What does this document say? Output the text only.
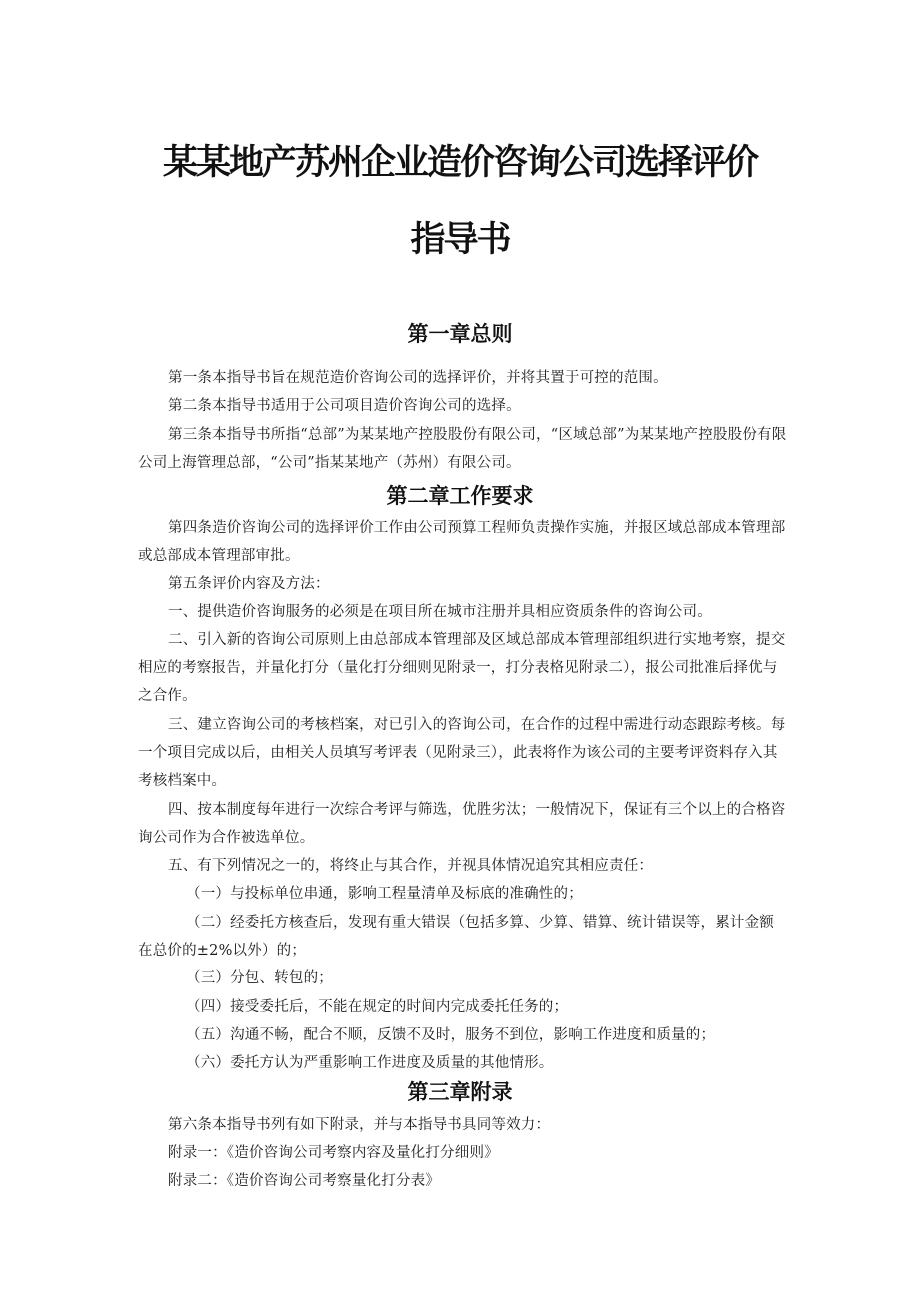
某某地产苏州企业造价咨询公司选择评价
指导书
第一章总则

第一条本指导书旨在规范造价咨询公司的选择评价，并将其置于可控的范围。

第二条本指导书适用于公司项目造价咨询公司的选择。

第三条本指导书所指“总部”为某某地产控股股份有限公司，“区域总部”为某某地产控股股份有限公司上海管理总部，“公司”指某某地产（苏州）有限公司。

第二章工作要求

第四条造价咨询公司的选择评价工作由公司预算工程师负责操作实施，并报区域总部成本管理部或总部成本管理部审批。

第五条评价内容及方法：

一、提供造价咨询服务的必须是在项目所在城市注册并具相应资质条件的咨询公司。

二、引入新的咨询公司原则上由总部成本管理部及区域总部成本管理部组织进行实地考察，提交相应的考察报告，并量化打分（量化打分细则见附录一，打分表格见附录二），报公司批准后择优与之合作。

三、建立咨询公司的考核档案，对已引入的咨询公司，在合作的过程中需进行动态跟踪考核。每一个项目完成以后，由相关人员填写考评表（见附录三），此表将作为该公司的主要考评资料存入其考核档案中。

四、按本制度每年进行一次综合考评与筛选，优胜劣汰；一般情况下，保证有三个以上的合格咨询公司作为合作被选单位。

五、有下列情况之一的，将终止与其合作，并视具体情况追究其相应责任：

（一）与投标单位串通，影响工程量清单及标底的准确性的；

（二）经委托方核查后，发现有重大错误（包括多算、少算、错算、统计错误等，累计金额在总价的±2%以外）的；

（三）分包、转包的；

（四）接受委托后，不能在规定的时间内完成委托任务的；

（五）沟通不畅，配合不顺，反馈不及时，服务不到位，影响工作进度和质量的；

（六）委托方认为严重影响工作进度及质量的其他情形。

第三章附录

第六条本指导书列有如下附录，并与本指导书具同等效力：

附录一：《造价咨询公司考察内容及量化打分细则》

附录二：《造价咨询公司考察量化打分表》
